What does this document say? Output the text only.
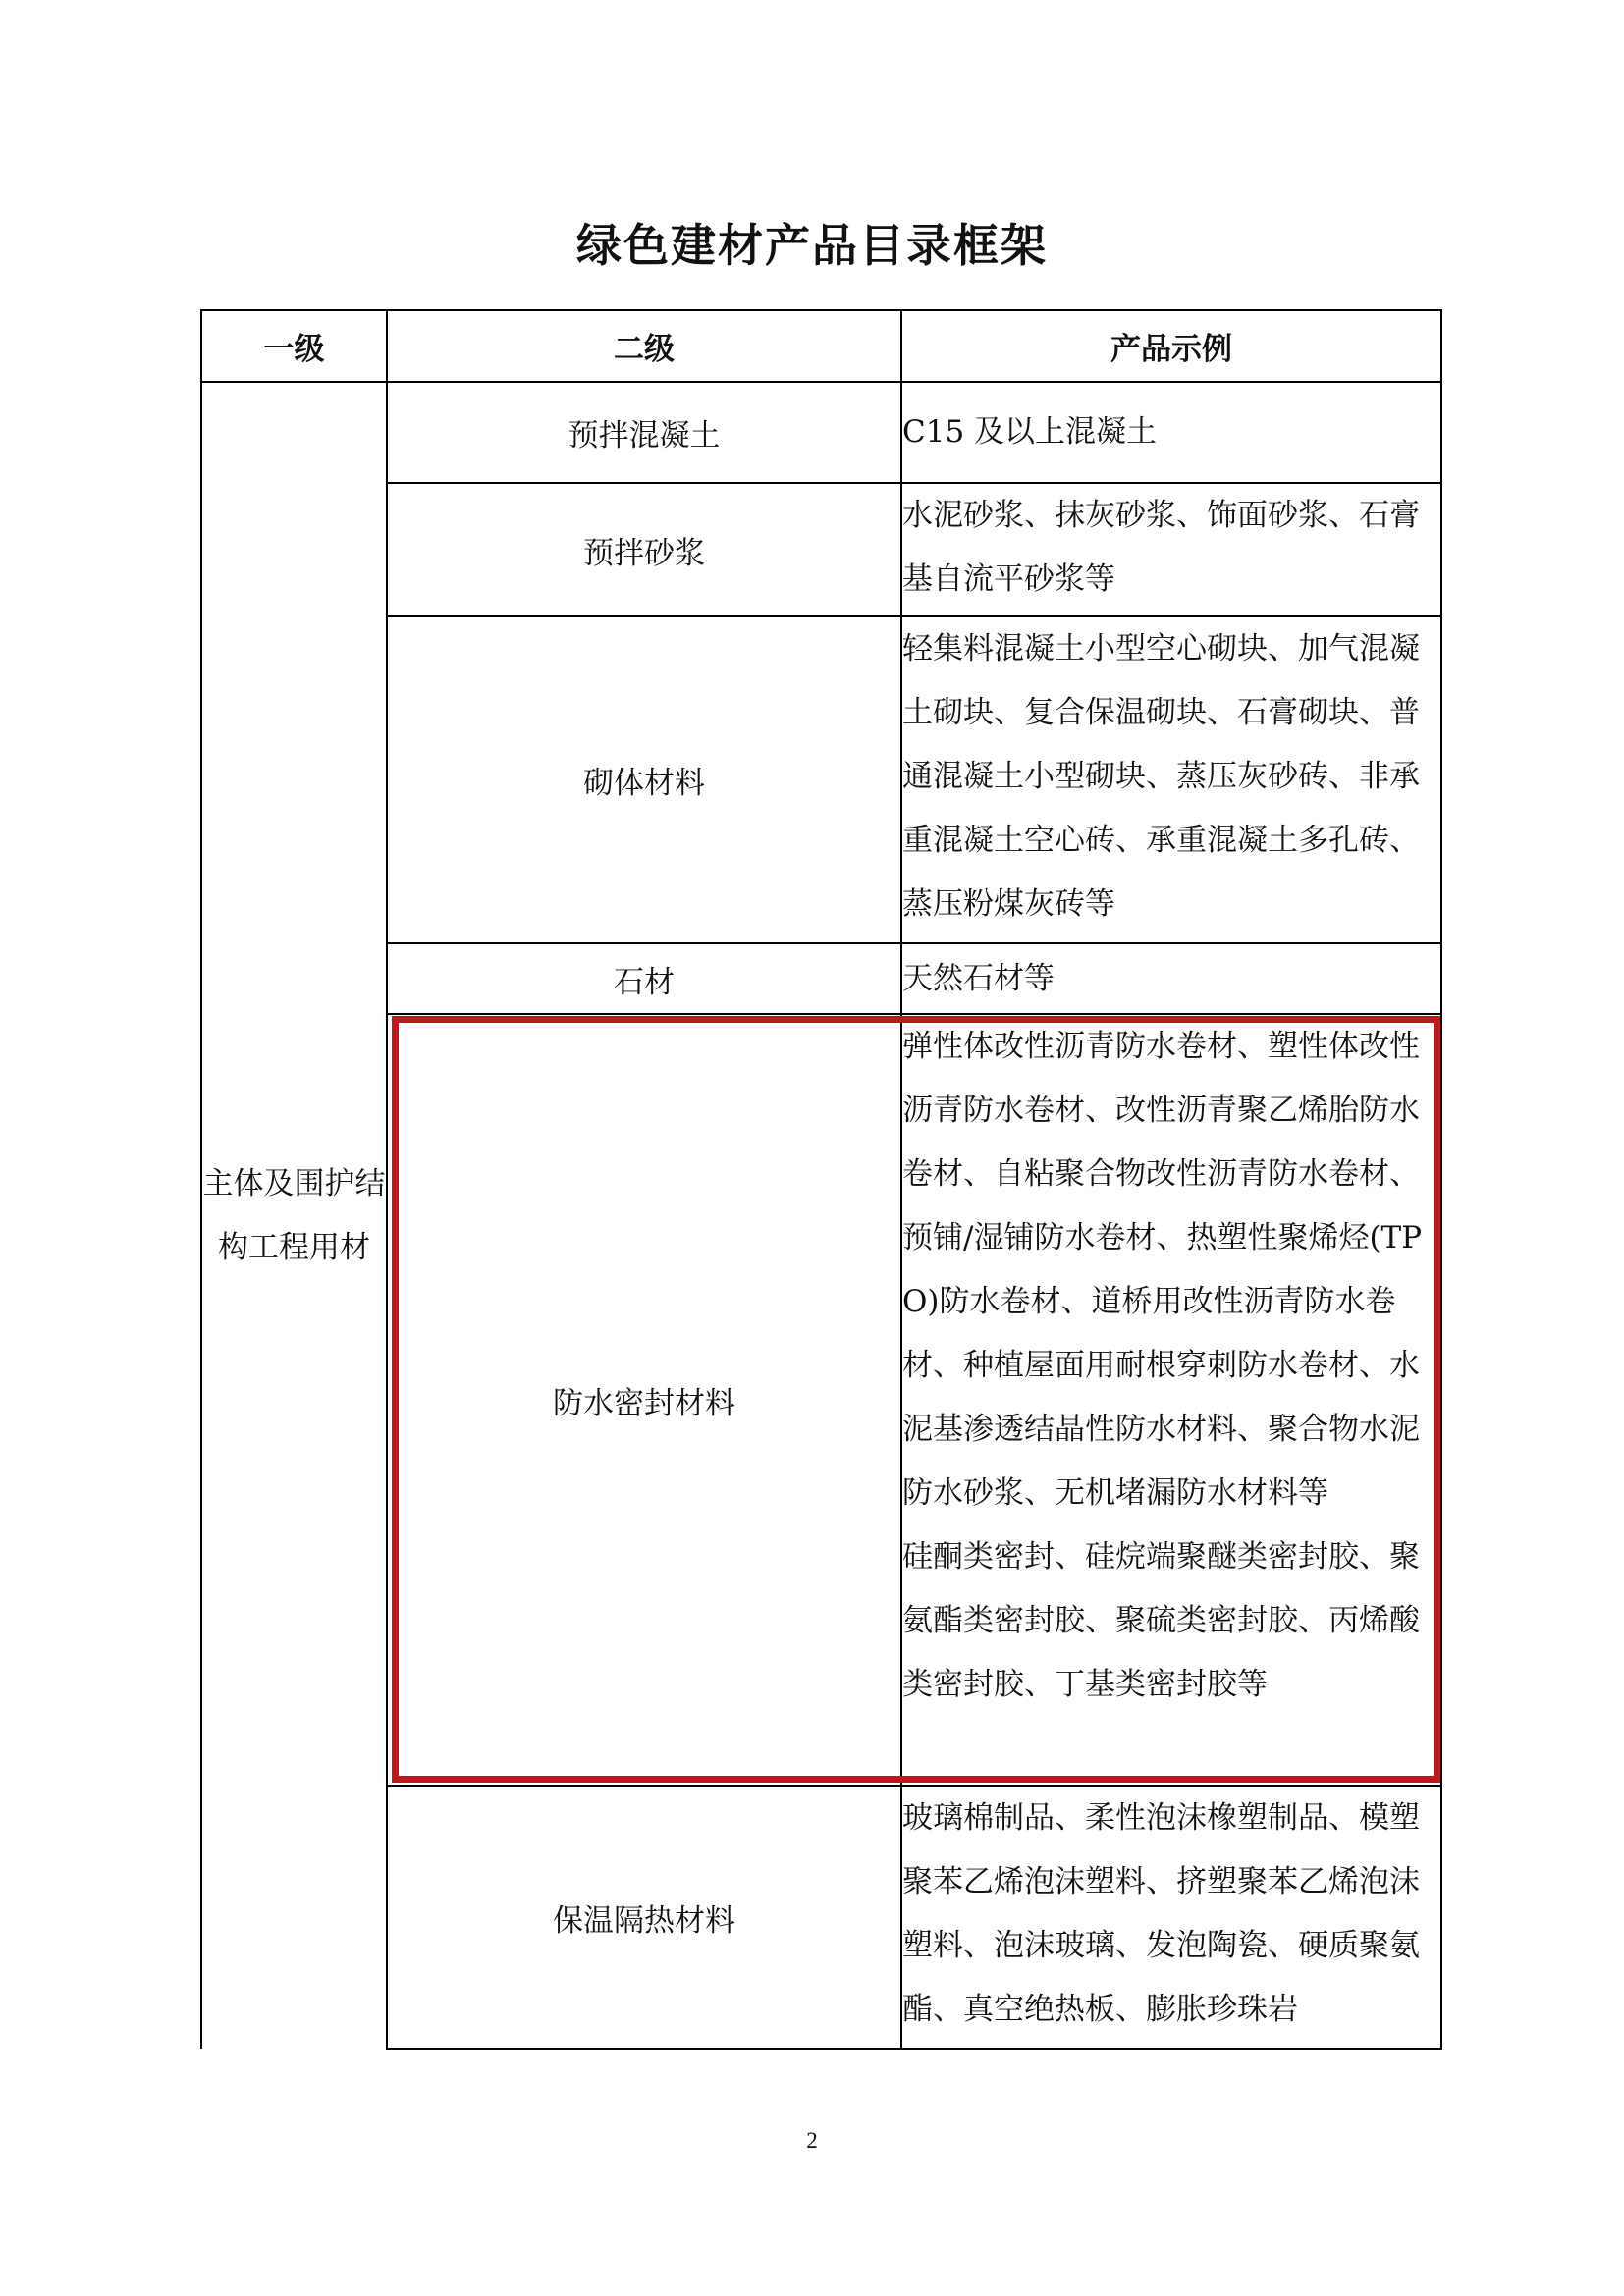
绿色建材产品目录框架
一级	二级	产品示例
主体及围护结构工程用材	预拌混凝土	C15 及以上混凝土
	预拌砂浆	水泥砂浆、抹灰砂浆、饰面砂浆、石膏基自流平砂浆等
	砌体材料	轻集料混凝土小型空心砌块、加气混凝土砌块、复合保温砌块、石膏砌块、普通混凝土小型砌块、蒸压灰砂砖、非承重混凝土空心砖、承重混凝土多孔砖、蒸压粉煤灰砖等
	石材	天然石材等
	防水密封材料	弹性体改性沥青防水卷材、塑性体改性沥青防水卷材、改性沥青聚乙烯胎防水卷材、自粘聚合物改性沥青防水卷材、预铺/湿铺防水卷材、热塑性聚烯烃(TPO)防水卷材、道桥用改性沥青防水卷材、种植屋面用耐根穿刺防水卷材、水泥基渗透结晶性防水材料、聚合物水泥防水砂浆、无机堵漏防水材料等
硅酮类密封、硅烷端聚醚类密封胶、聚氨酯类密封胶、聚硫类密封胶、丙烯酸类密封胶、丁基类密封胶等

	保温隔热材料	玻璃棉制品、柔性泡沫橡塑制品、模塑聚苯乙烯泡沫塑料、挤塑聚苯乙烯泡沫塑料、泡沫玻璃、发泡陶瓷、硬质聚氨酯、真空绝热板、膨胀珍珠岩
2
